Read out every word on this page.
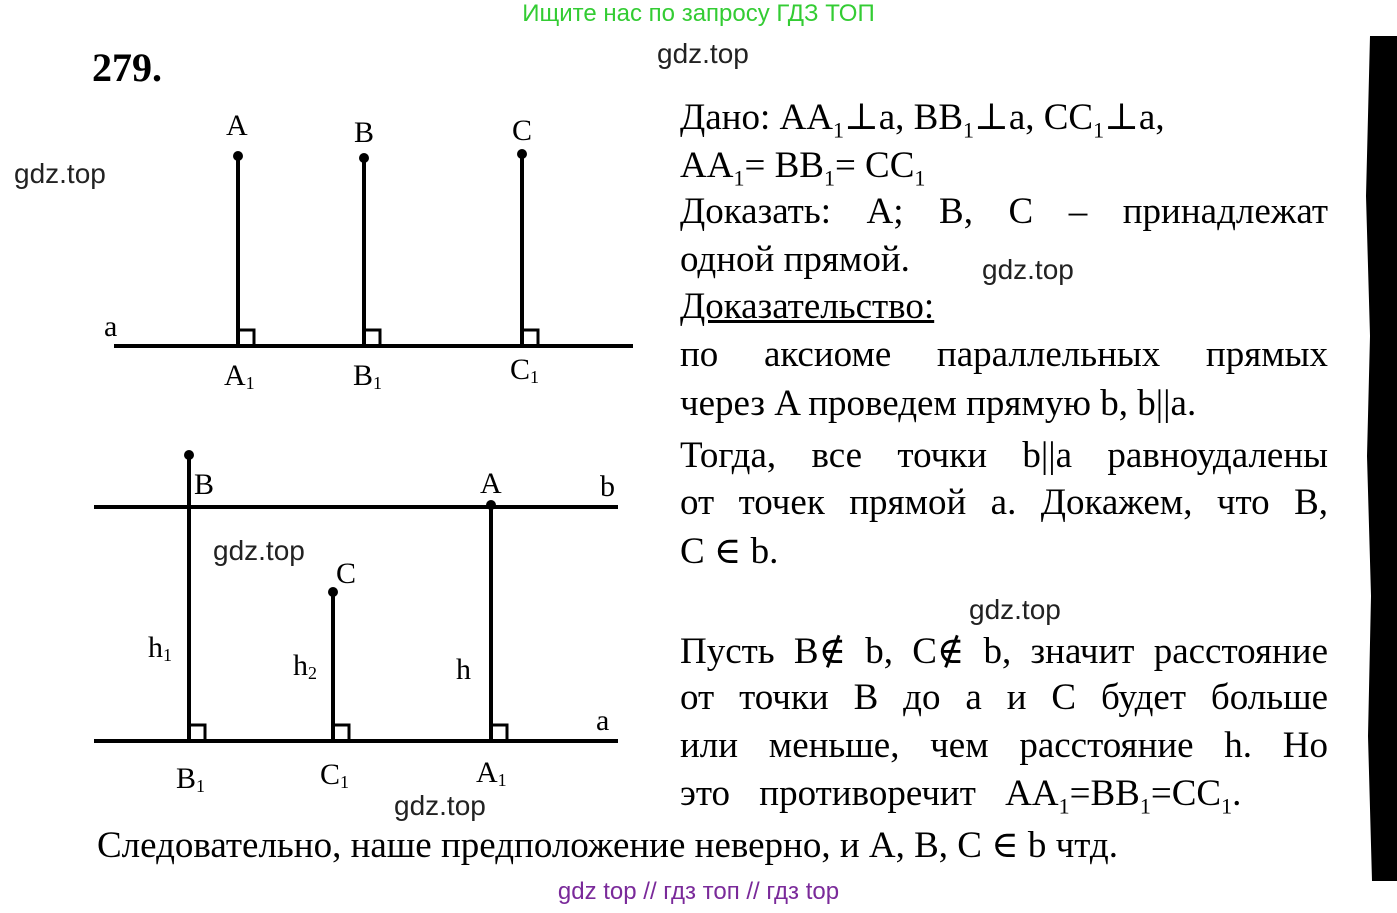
Ищите нас по запросу ГДЗ ТОП
gdz top // гдз топ // гдз top
279.	gdz.top
gdz.top
gdz.top
gdz.top
gdz.top
gdz.top
A	B	C
a
A1	B1	C1
B	A
C
b
a
h1	h2	h
B1	C1	A1
Дано: $AA_1\perp a$, $BB_1\perp a$, $CC_1\perp a$,
$AA_1= BB_1= CC_1$
Доказать: A; B, C – принадлежат
одной прямой.
Доказательство:
по аксиоме параллельных прямых
через A проведем прямую b, b||a.
Тогда, все точки b||a равноудалены
от точек прямой a. Докажем, что B,
C ∈ b.
Пусть B∉ b, C∉ b, значит расстояние
от точки B до a и C будет больше
или меньше, чем расстояние h. Но
это противоречит $AA_1=BB_1=CC_1$.
Следовательно, наше предположение неверно, и A, B, C ∈ b чтд.
